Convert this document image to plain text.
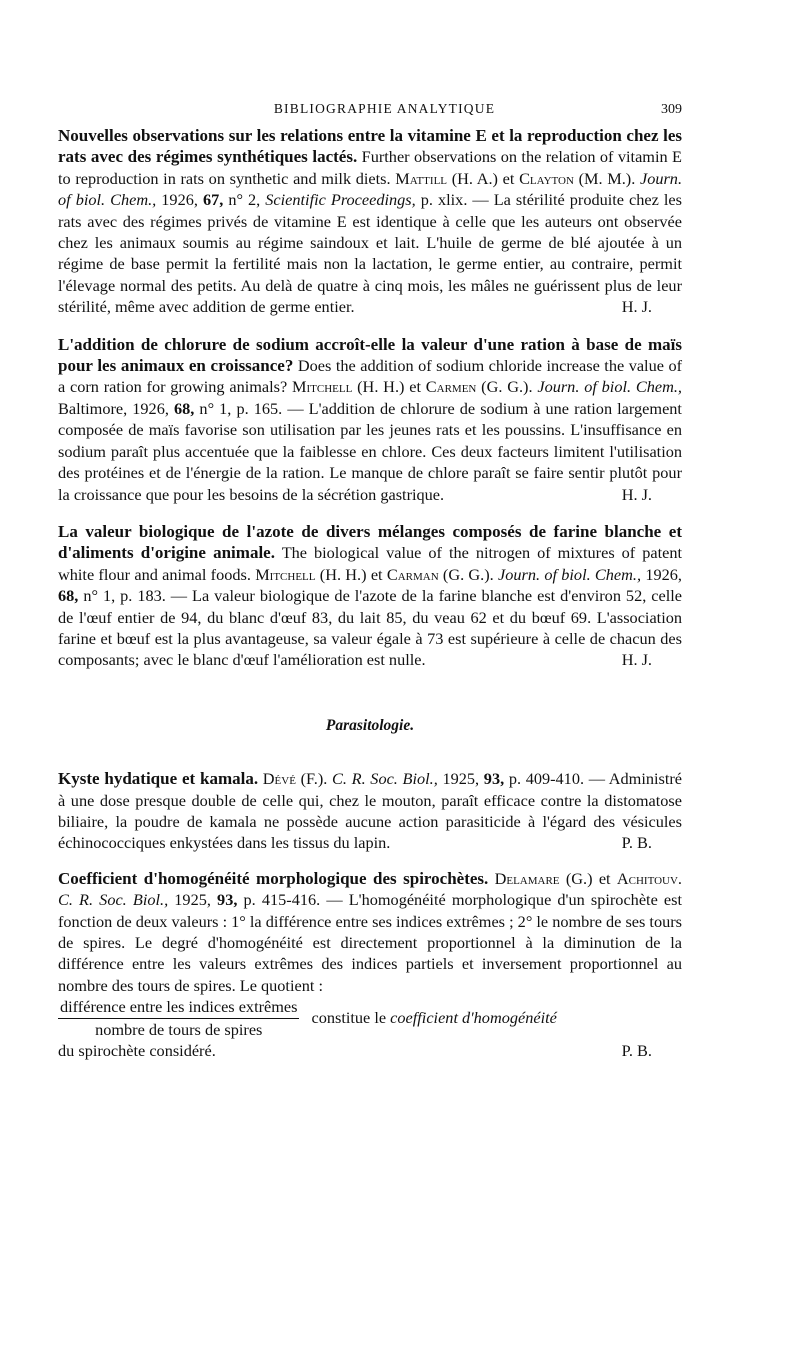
BIBLIOGRAPHIE ANALYTIQUE	309

Nouvelles observations sur les relations entre la vitamine E et la reproduction chez les rats avec des régimes synthétiques lactés. Further observations on the relation of vitamin E to reproduction in rats on synthetic and milk diets. Mattill (H. A.) et Clayton (M. M.). Journ. of biol. Chem., 1926, 67, n° 2, Scientific Proceedings, p. xlix. — La stérilité produite chez les rats avec des régimes privés de vitamine E est identique à celle que les auteurs ont observée chez les animaux soumis au régime saindoux et lait. L'huile de germe de blé ajoutée à un régime de base permit la fertilité mais non la lactation, le germe entier, au contraire, permit l'élevage normal des petits. Au delà de quatre à cinq mois, les mâles ne guérissent plus de leur stérilité, même avec addition de germe entier.	H. J.

L'addition de chlorure de sodium accroît-elle la valeur d'une ration à base de maïs pour les animaux en croissance? Does the addition of sodium chloride increase the value of a corn ration for growing animals? Mitchell (H. H.) et Carmen (G. G.). Journ. of biol. Chem., Baltimore, 1926, 68, n° 1, p. 165. — L'addition de chlorure de sodium à une ration largement composée de maïs favorise son utilisation par les jeunes rats et les poussins. L'insuffisance en sodium paraît plus accentuée que la faiblesse en chlore. Ces deux facteurs limitent l'utilisation des protéines et de l'énergie de la ration. Le manque de chlore paraît se faire sentir plutôt pour la croissance que pour les besoins de la sécrétion gastrique.	H. J.

La valeur biologique de l'azote de divers mélanges composés de farine blanche et d'aliments d'origine animale. The biological value of the nitrogen of mixtures of patent white flour and animal foods. Mitchell (H. H.) et Carman (G. G.). Journ. of biol. Chem., 1926, 68, n° 1, p. 183. — La valeur biologique de l'azote de la farine blanche est d'environ 52, celle de l'œuf entier de 94, du blanc d'œuf 83, du lait 85, du veau 62 et du bœuf 69. L'association farine et bœuf est la plus avantageuse, sa valeur égale à 73 est supérieure à celle de chacun des composants; avec le blanc d'œuf l'amélioration est nulle.	H. J.

Parasitologie.

Kyste hydatique et kamala. Dévé (F.). C. R. Soc. Biol., 1925, 93, p. 409-410. — Administré à une dose presque double de celle qui, chez le mouton, paraît efficace contre la distomatose biliaire, la poudre de kamala ne possède aucune action parasiticide à l'égard des vésicules échinococciques enkystées dans les tissus du lapin.	P. B.

Coefficient d'homogénéité morphologique des spirochètes. Delamare (G.) et Achitouv. C. R. Soc. Biol., 1925, 93, p. 415-416. — L'homogénéité morphologique d'un spirochète est fonction de deux valeurs : 1° la différence entre ses indices extrêmes ; 2° le nombre de ses tours de spires. Le degré d'homogénéité est directement proportionnel à la diminution de la différence entre les valeurs extrêmes des indices partiels et inversement proportionnel au nombre des tours de spires. Le quotient :

$\frac{\text{différence entre les indices extrêmes}}{\text{nombre de tours de spires}}$ constitue le
coefficient d'homogénéité

du spirochète considéré.	P. B.
